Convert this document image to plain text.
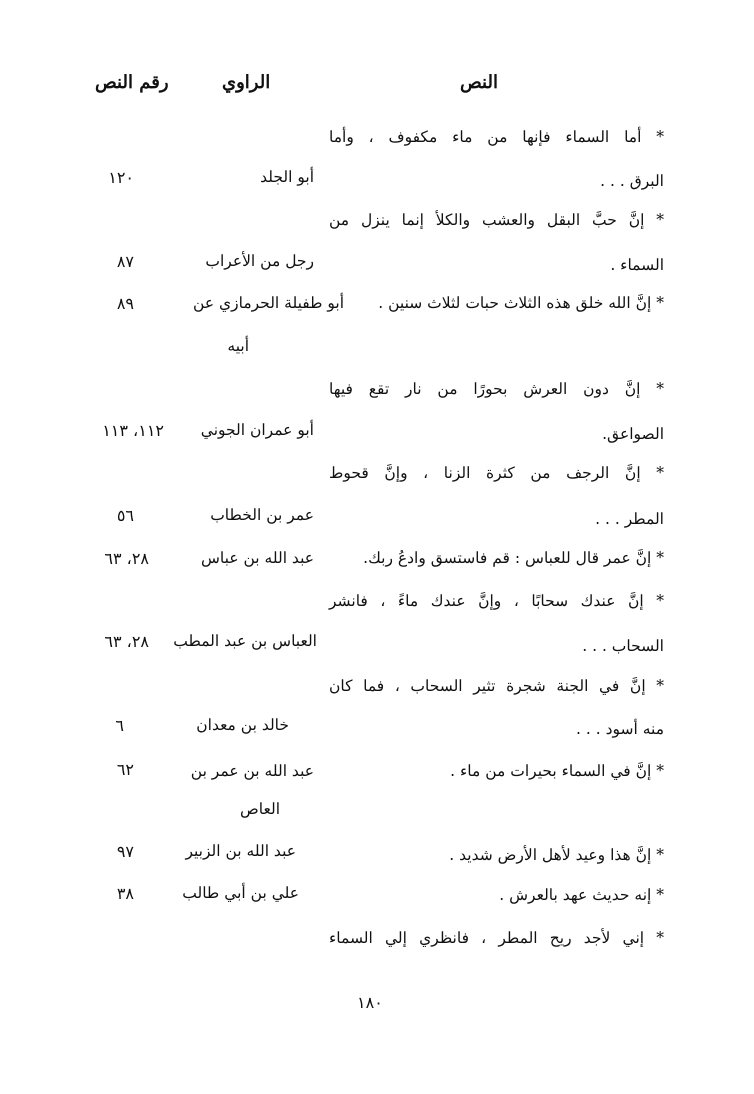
النص
الراوي
رقم النص
* أما السماء فإنها من ماء مكفوف ، وأما
البرق . . .
أبو الجلد
١٢٠
* إنَّ حبَّ البقل والعشب والكلأ إنما ينزل من
السماء .
رجل من الأعراب
٨٧
* إنَّ الله خلق هذه الثلاث حبات لثلاث سنين .
أبو طفيلة الحرمازي عن
أبيه
٨٩
* إنَّ دون العرش بحورًا من نار تقع فيها
الصواعق.
أبو عمران الجوني
١١٢، ١١٣
* إنَّ الرجف من كثرة الزنا ، وإنَّ قحوط
المطر . . .
عمر بن الخطاب
٥٦
* إنَّ عمر قال للعباس : قم فاستسق وادعُ ربك.
عبد الله بن عباس
٢٨، ٦٣
* إنَّ عندك سحابًا ، وإنَّ عندك ماءً ، فانشر
السحاب . . .
العباس بن عبد المطب
٢٨، ٦٣
* إنَّ في الجنة شجرة تثير السحاب ، فما كان
منه أسود . . .
خالد بن معدان
٦
* إنَّ في السماء بحيرات من ماء .
عبد الله بن عمر بن
العاص
٦٢
* إنَّ هذا وعيد لأهل الأرض شديد .
عبد الله بن الزبير
٩٧
* إنه حديث عهد بالعرش .
علي بن أبي طالب
٣٨
* إني لأجد ريح المطر ، فانظري إلي السماء
١٨٠
